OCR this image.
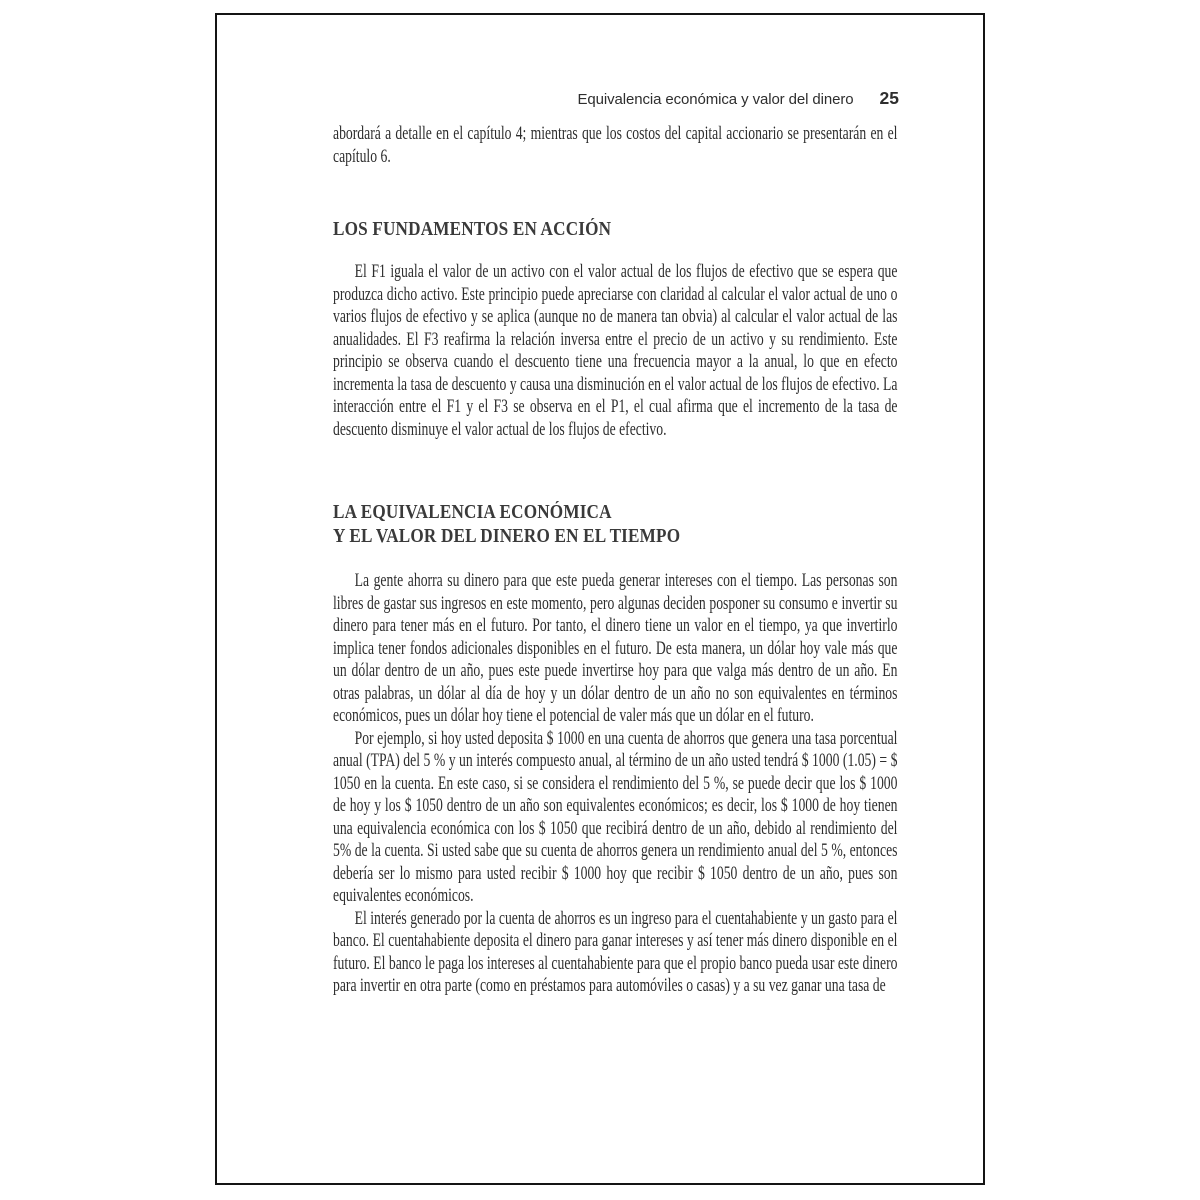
Equivalencia económica y valor del dinero 25

abordará a detalle en el capítulo 4; mientras que los costos del capital accionario se presentarán en el capítulo 6.

LOS FUNDAMENTOS EN ACCIÓN

El F1 iguala el valor de un activo con el valor actual de los flujos de efectivo que se espera que produzca dicho activo. Este principio puede apreciarse con claridad al calcular el valor actual de uno o varios flujos de efectivo y se aplica (aunque no de manera tan obvia) al calcular el valor actual de las anualidades. El F3 reafirma la relación inversa entre el precio de un activo y su rendimiento. Este principio se observa cuando el descuento tiene una frecuencia mayor a la anual, lo que en efecto incrementa la tasa de descuento y causa una disminución en el valor actual de los flujos de efectivo. La interacción entre el F1 y el F3 se observa en el P1, el cual afirma que el incremento de la tasa de descuento disminuye el valor actual de los flujos de efectivo.

LA EQUIVALENCIA ECONÓMICA
Y EL VALOR DEL DINERO EN EL TIEMPO

La gente ahorra su dinero para que este pueda generar intereses con el tiempo. Las personas son libres de gastar sus ingresos en este momento, pero algunas deciden posponer su consumo e invertir su dinero para tener más en el futuro. Por tanto, el dinero tiene un valor en el tiempo, ya que invertirlo implica tener fondos adicionales disponibles en el futuro. De esta manera, un dólar hoy vale más que un dólar dentro de un año, pues este puede invertirse hoy para que valga más dentro de un año. En otras palabras, un dólar al día de hoy y un dólar dentro de un año no son equivalentes en términos económicos, pues un dólar hoy tiene el potencial de valer más que un dólar en el futuro.

Por ejemplo, si hoy usted deposita $ 1000 en una cuenta de ahorros que genera una tasa porcentual anual (TPA) del 5 % y un interés compuesto anual, al término de un año usted tendrá $ 1000 (1.05) = $ 1050 en la cuenta. En este caso, si se considera el rendimiento del 5 %, se puede decir que los $ 1000 de hoy y los $ 1050 dentro de un año son equivalentes económicos; es decir, los $ 1000 de hoy tienen una equivalencia económica con los $ 1050 que recibirá dentro de un año, debido al rendimiento del 5% de la cuenta. Si usted sabe que su cuenta de ahorros genera un rendimiento anual del 5 %, entonces debería ser lo mismo para usted recibir $ 1000 hoy que recibir $ 1050 dentro de un año, pues son equivalentes económicos.

El interés generado por la cuenta de ahorros es un ingreso para el cuentahabiente y un gasto para el banco. El cuentahabiente deposita el dinero para ganar intereses y así tener más dinero disponible en el futuro. El banco le paga los intereses al cuentahabiente para que el propio banco pueda usar este dinero para invertir en otra parte (como en préstamos para automóviles o casas) y a su vez ganar una tasa de
